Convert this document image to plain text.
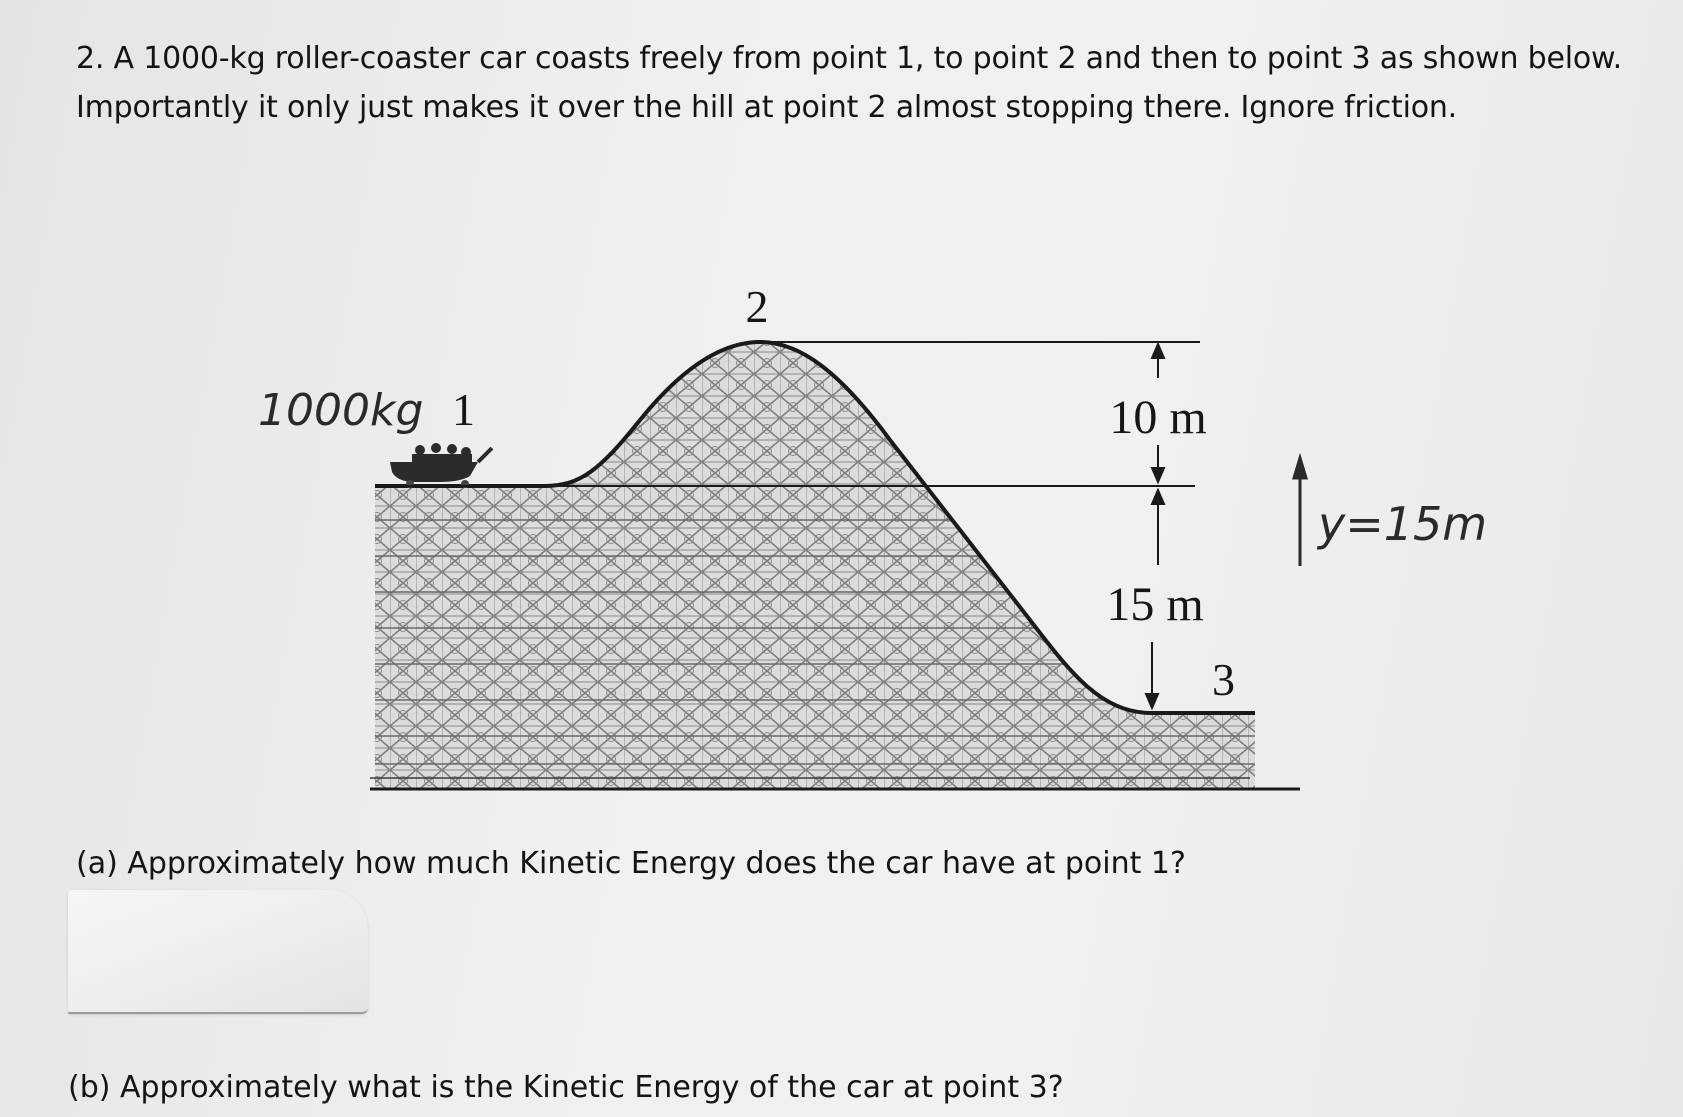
2. A 1000-kg roller-coaster car coasts freely from point 1, to point 2 and then to point 3 as shown below.
Importantly it only just makes it over the hill at point 2 almost stopping there. Ignore friction.

1
2
3
10 m
15 m
1000kg
y=15m

(a) Approximately how much Kinetic Energy does the car have at point 1?

(b) Approximately what is the Kinetic Energy of the car at point 3?
